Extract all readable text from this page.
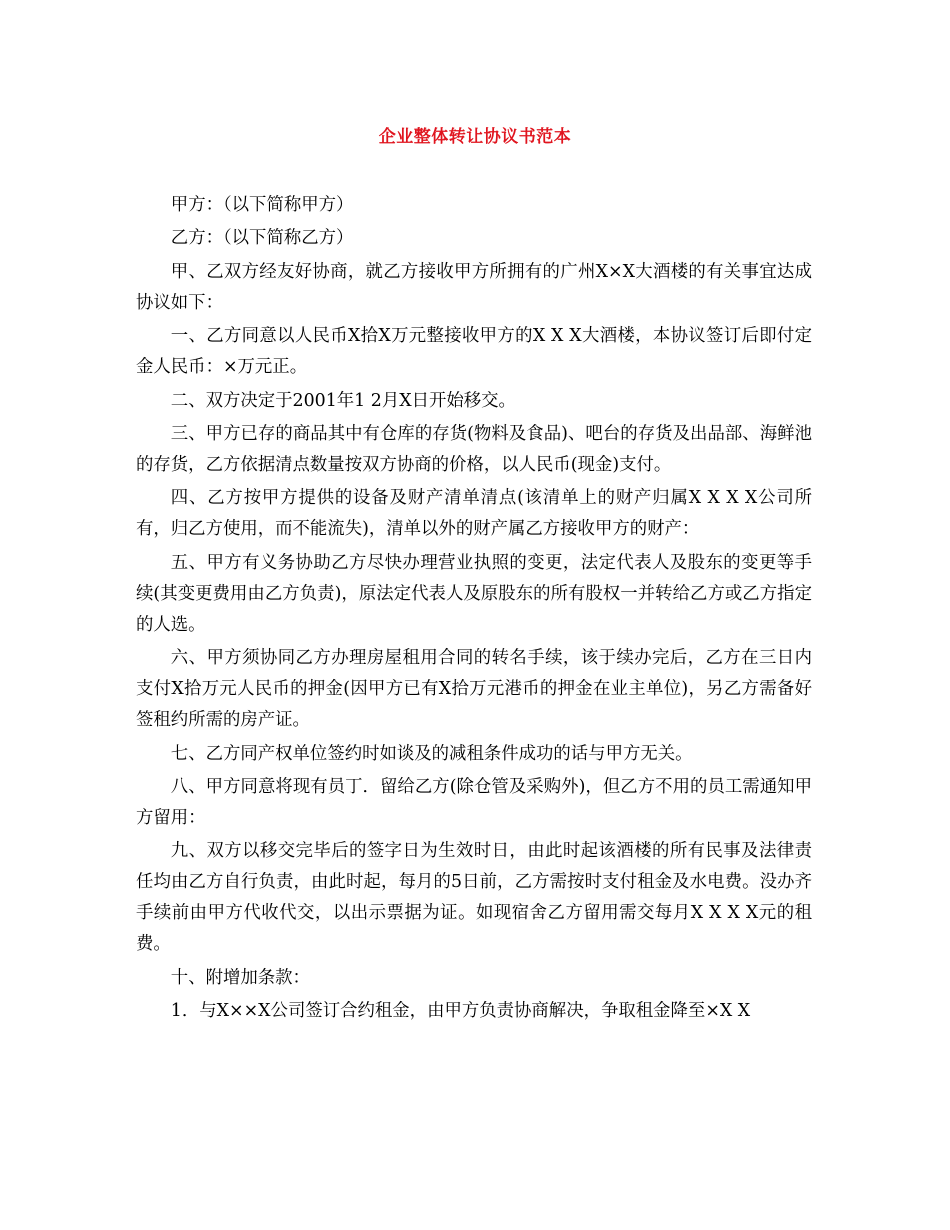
企业整体转让协议书范本

甲方：（以下简称甲方）

乙方：（以下简称乙方）

甲、乙双方经友好协商，就乙方接收甲方所拥有的广州X×X大酒楼的有关事宜达成协议如下：

一、乙方同意以人民币X拾X万元整接收甲方的X X X大酒楼，本协议签订后即付定金人民币：×万元正。

二、双方决定于2001年1 2月X日开始移交。

三、甲方已存的商品其中有仓库的存货(物料及食品)、吧台的存货及出品部、海鲜池的存货，乙方依据清点数量按双方协商的价格，以人民币(现金)支付。

四、乙方按甲方提供的设备及财产清单清点(该清单上的财产归属X X X X公司所有，归乙方使用，而不能流失)，清单以外的财产属乙方接收甲方的财产：

五、甲方有义务协助乙方尽快办理营业执照的变更，法定代表人及股东的变更等手续(其变更费用由乙方负责)，原法定代表人及原股东的所有股权一并转给乙方或乙方指定的人选。

六、甲方须协同乙方办理房屋租用合同的转名手续，该于续办完后，乙方在三日内支付X拾万元人民币的押金(因甲方已有X拾万元港币的押金在业主单位)，另乙方需备好签租约所需的房产证。

七、乙方同产权单位签约时如谈及的减租条件成功的话与甲方无关。

八、甲方同意将现有员丁．留给乙方(除仓管及采购外)，但乙方不用的员工需通知甲方留用：

九、双方以移交完毕后的签字日为生效时日，由此时起该酒楼的所有民事及法律责任均由乙方自行负责，由此时起，每月的5日前，乙方需按时支付租金及水电费。没办齐手续前由甲方代收代交，以出示票据为证。如现宿舍乙方留用需交每月X X X X元的租费。

十、附增加条款：

1．与X××X公司签订合约租金，由甲方负责协商解决，争取租金降至×X X
